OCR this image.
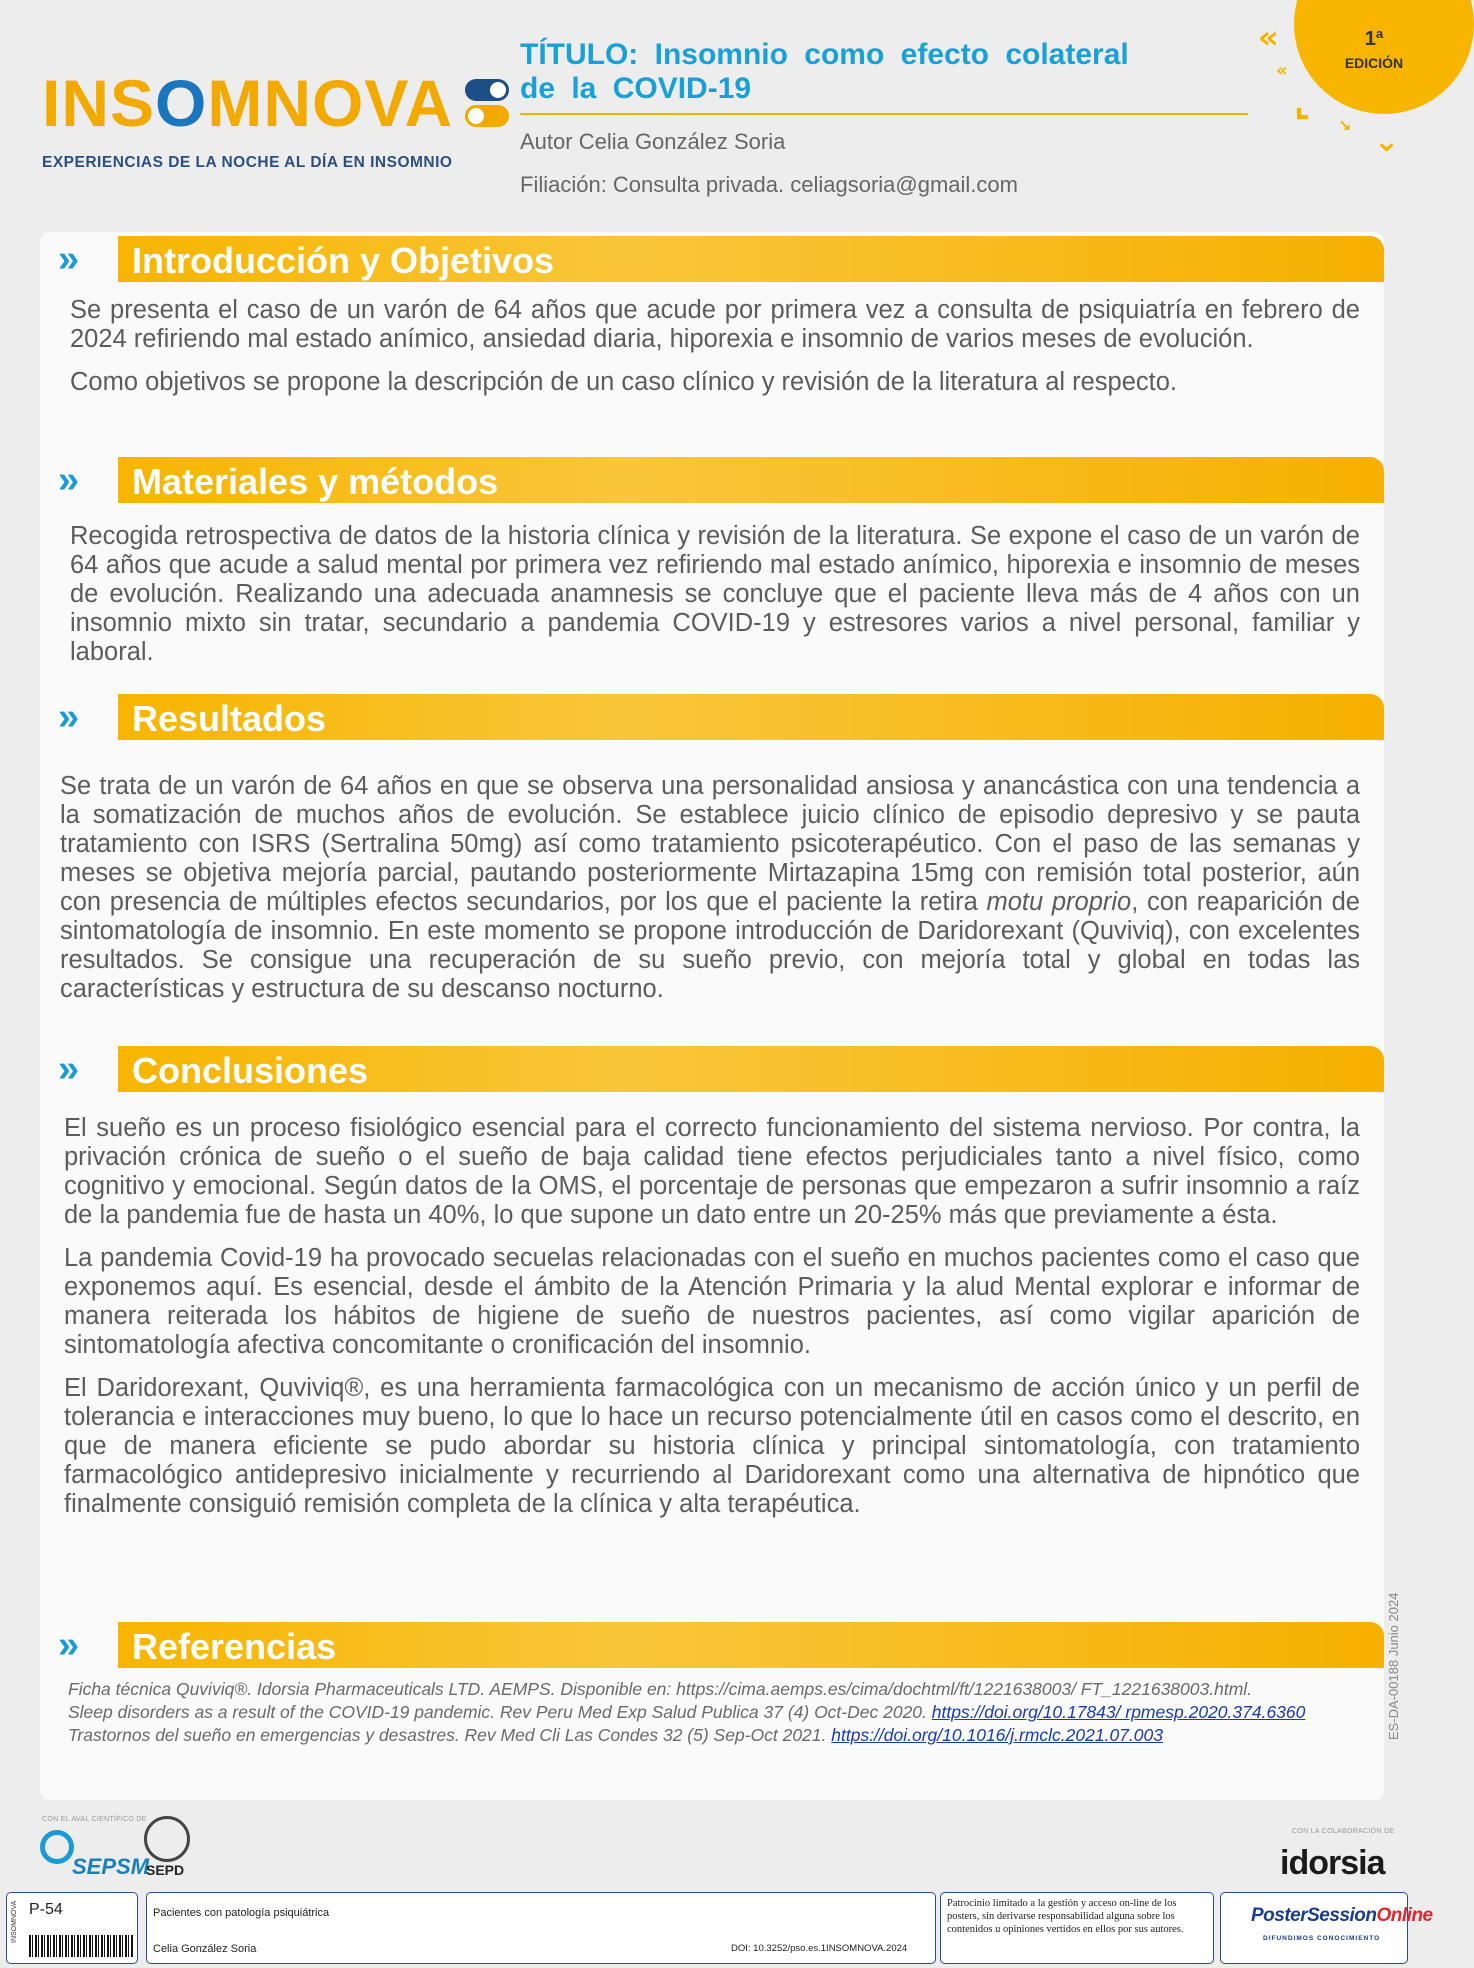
INS O MN O VA
EXPERIENCIAS DE LA NOCHE AL DÍA EN INSOMNIO
TÍTULO: Insomnio como efecto colateral
de la COVID-19
Autor Celia González Soria
Filiación: Consulta privada. celiagsoria@gmail.com
1ª
EDICIÓN
«
«
⌞
↘ ⌄
» Introducción y Objetivos

Se presenta el caso de un varón de 64 años que acude por primera vez a consulta de psiquiatría en febrero de 2024 refiriendo mal estado anímico, ansiedad diaria, hiporexia e insomnio de varios meses de evolución.

Como objetivos se propone la descripción de un caso clínico y revisión de la literatura al respecto.

» Materiales y métodos

Recogida retrospectiva de datos de la historia clínica y revisión de la literatura. Se expone el caso de un varón de 64 años que acude a salud mental por primera vez refiriendo mal estado anímico, hiporexia e insomnio de meses de evolución. Realizando una adecuada anamnesis se concluye que el paciente lleva más de 4 años con un insomnio mixto sin tratar, secundario a pandemia COVID-19 y estresores varios a nivel personal, familiar y laboral.

» Resultados

Se trata de un varón de 64 años en que se observa una personalidad ansiosa y anancástica con una tendencia a la somatización de muchos años de evolución. Se establece juicio clínico de episodio depresivo y se pauta tratamiento con ISRS (Sertralina 50mg) así como tratamiento psicoterapéutico. Con el paso de las semanas y meses se objetiva mejoría parcial, pautando posteriormente Mirtazapina 15mg con remisión total posterior, aún con presencia de múltiples efectos secundarios, por los que el paciente la retira motu proprio, con reaparición de sintomatología de insomnio. En este momento se propone introducción de Daridorexant (Quviviq), con excelentes resultados. Se consigue una recuperación de su sueño previo, con mejoría total y global en todas las características y estructura de su descanso nocturno.

» Conclusiones

El sueño es un proceso fisiológico esencial para el correcto funcionamiento del sistema nervioso. Por contra, la privación crónica de sueño o el sueño de baja calidad tiene efectos perjudiciales tanto a nivel físico, como cognitivo y emocional. Según datos de la OMS, el porcentaje de personas que empezaron a sufrir insomnio a raíz de la pandemia fue de hasta un 40%, lo que supone un dato entre un 20-25% más que previamente a ésta.

La pandemia Covid-19 ha provocado secuelas relacionadas con el sueño en muchos pacientes como el caso que exponemos aquí. Es esencial, desde el ámbito de la Atención Primaria y la alud Mental explorar e informar de manera reiterada los hábitos de higiene de sueño de nuestros pacientes, así como vigilar aparición de sintomatología afectiva concomitante o cronificación del insomnio.

El Daridorexant, Quviviq®, es una herramienta farmacológica con un mecanismo de acción único y un perfil de tolerancia e interacciones muy bueno, lo que lo hace un recurso potencialmente útil en casos como el descrito, en que de manera eficiente se pudo abordar su historia clínica y principal sintomatología, con tratamiento farmacológico antidepresivo inicialmente y recurriendo al Daridorexant como una alternativa de hipnótico que finalmente consiguió remisión completa de la clínica y alta terapéutica.

» Referencias
Ficha técnica Quviviq®. Idorsia Pharmaceuticals LTD. AEMPS. Disponible en: https://cima.aemps.es/cima/dochtml/ft/1221638003/ FT_1221638003.html.
Sleep disorders as a result of the COVID-19 pandemic. Rev Peru Med Exp Salud Publica 37 (4) Oct-Dec 2020. https://doi.org/10.17843/ rpmesp.2020.374.6360
Trastornos del sueño en emergencias y desastres. Rev Med Cli Las Condes 32 (5) Sep-Oct 2021. https://doi.org/10.1016/j.rmclc.2021.07.003
CON EL AVAL CIENTÍFICO DE
SEPSM
SEPD
CON LA COLABORACIÓN DE
idorsia
ES-DA-00188 Junio 2024
INSOMNOVA P-54	Pacientes con patología psiquiátrica
Celia González Soria	DOI: 10.3252/pso.es.1INSOMNOVA.2024
Patrocinio limitado a la gestión y acceso on-line de los posters, sin derivarse responsabilidad alguna sobre los contenidos u opiniones vertidos en ellos por sus autores.
PosterSessionOnline
DIFUNDIMOS CONOCIMIENTO
